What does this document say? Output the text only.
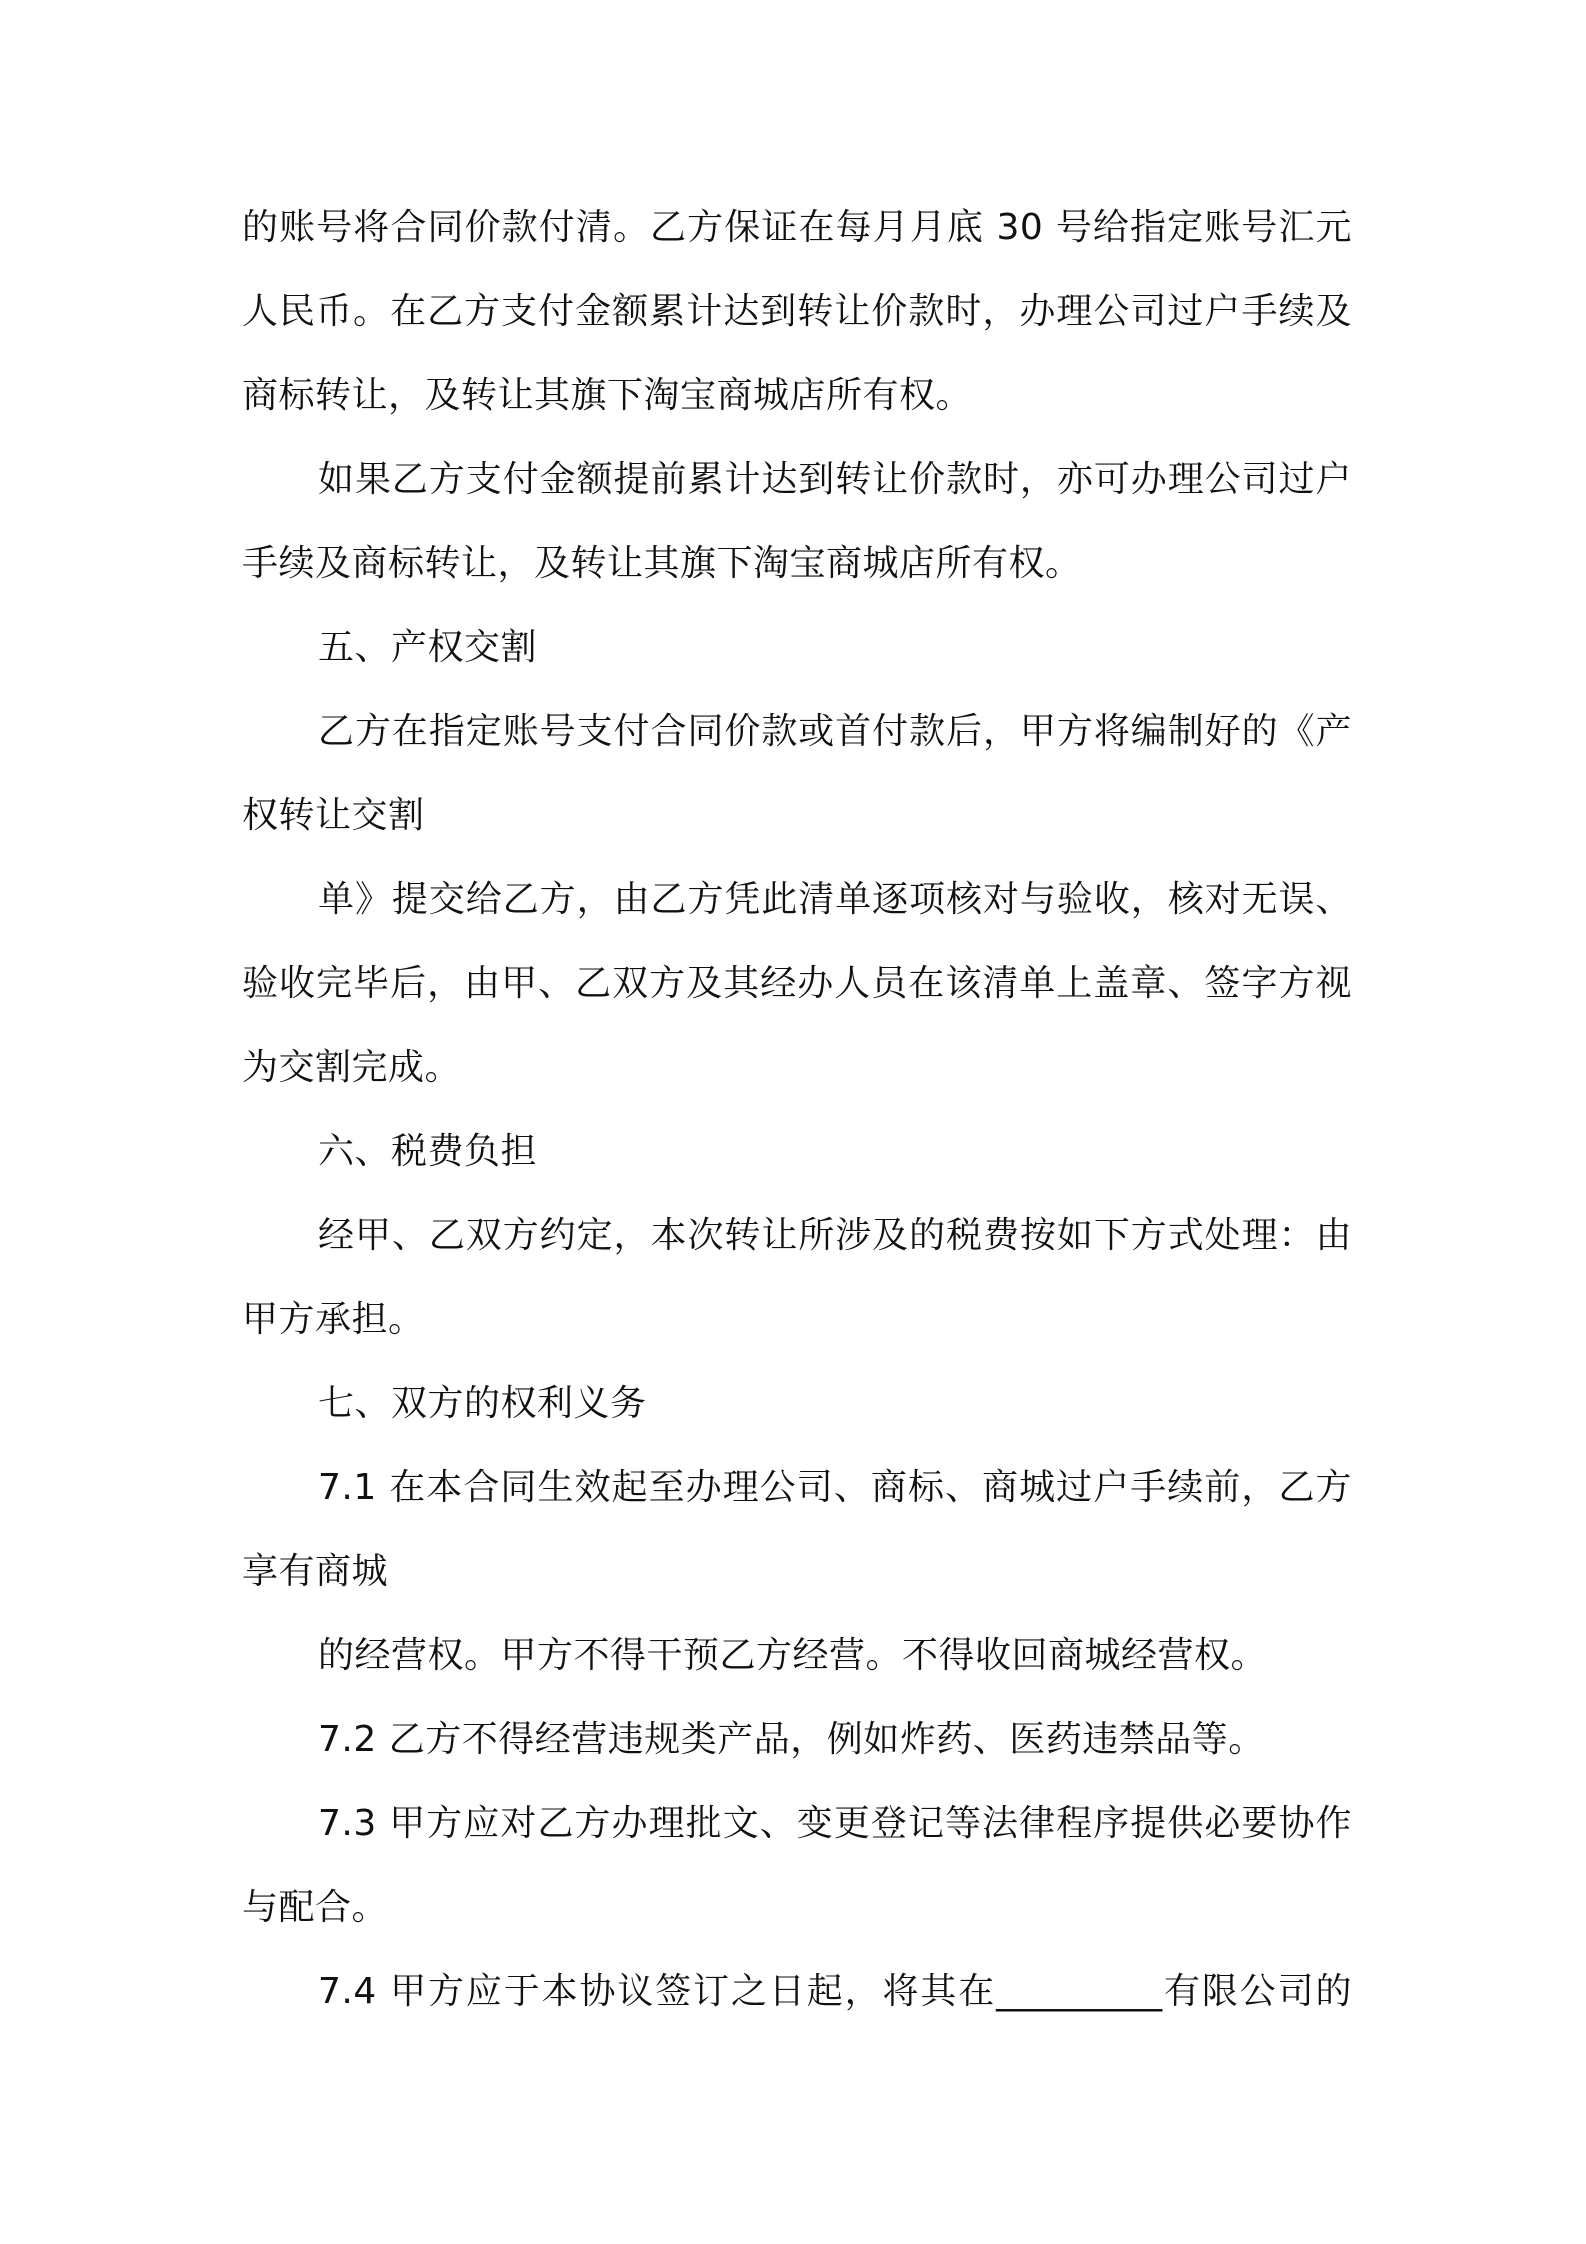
的账号将合同价款付清。乙方保证在每月月底 30 号给指定账号汇元
人民币。在乙方支付金额累计达到转让价款时，办理公司过户手续及
商标转让，及转让其旗下淘宝商城店所有权。
如果乙方支付金额提前累计达到转让价款时，亦可办理公司过户
手续及商标转让，及转让其旗下淘宝商城店所有权。
五、产权交割
乙方在指定账号支付合同价款或首付款后，甲方将编制好的《产
权转让交割
单》提交给乙方，由乙方凭此清单逐项核对与验收，核对无误、
验收完毕后，由甲、乙双方及其经办人员在该清单上盖章、签字方视
为交割完成。
六、税费负担
经甲、乙双方约定，本次转让所涉及的税费按如下方式处理：由
甲方承担。
七、双方的权利义务
7.1 在本合同生效起至办理公司、商标、商城过户手续前，乙方
享有商城
的经营权。甲方不得干预乙方经营。不得收回商城经营权。
7.2 乙方不得经营违规类产品，例如炸药、医药违禁品等。
7.3 甲方应对乙方办理批文、变更登记等法律程序提供必要协作
与配合。
7.4 甲方应于本协议签订之日起，将其在_________有限公司的
